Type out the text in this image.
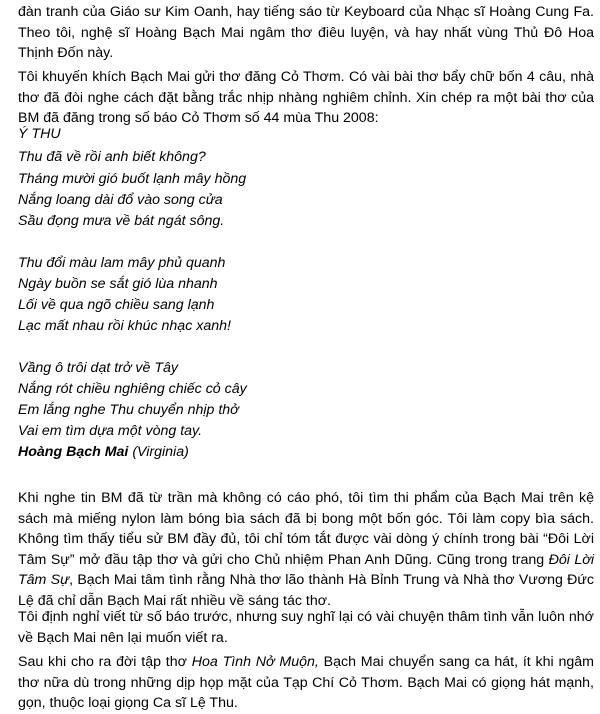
đàn tranh của Giáo sư Kim Oanh, hay tiếng sáo từ Keyboard của Nhạc sĩ Hoàng Cung Fa. Theo tôi, nghệ sĩ Hoàng Bạch Mai ngâm thơ điêu luyện, và hay nhất vùng Thủ Đô Hoa Thịnh Đốn này.

Tôi khuyến khích Bạch Mai gửi thơ đăng Cỏ Thơm. Có vài bài thơ bẩy chữ bốn 4 câu, nhà thơ đã đòi nghe cách đặt bằng trắc nhịp nhàng nghiêm chỉnh. Xin chép ra một bài thơ của BM đã đăng trong số báo Cỏ Thơm số 44 mùa Thu 2008:

Ý THU

Thu đã về rồi anh biết không?

Tháng mười gió buốt lạnh mây hồng

Nắng loang dài đổ vào song cửa

Sầu đọng mưa về bát ngát sông.

Thu đổi màu lam mây phủ quanh

Ngày buồn se sắt gió lùa nhanh

Lối về qua ngõ chiều sang lạnh

Lạc mất nhau rồi khúc nhạc xanh!

Vầng ô trôi dạt trở về Tây

Nắng rót chiều nghiêng chiếc cỏ cây

Em lắng nghe Thu chuyển nhịp thở

Vai em tìm dựa một vòng tay.

Hoàng Bạch Mai (Virginia)

Khi nghe tin BM đã từ trần mà không có cáo phó, tôi tìm thi phẩm của Bạch Mai trên kệ sách mà miếng nylon làm bóng bìa sách đã bị bong một bốn góc. Tôi làm copy bìa sách. Không tìm thấy tiểu sử BM đầy đủ, tôi chỉ tóm tắt được vài dòng ý chính trong bài “Đôi Lời Tâm Sự” mở đầu tập thơ và gửi cho Chủ nhiệm Phan Anh Dũng. Cũng trong trang Đôi Lời Tâm Sự, Bạch Mai tâm tình rằng Nhà thơ lão thành Hà Bỉnh Trung và Nhà thơ Vương Đức Lệ đã chỉ dẫn Bạch Mai rất nhiều về sáng tác thơ.

Tôi định nghỉ viết từ số báo trước, nhưng suy nghĩ lại có vài chuyện thâm tình vẫn luôn nhớ về Bạch Mai nên lại muốn viết ra.

Sau khi cho ra đời tập thơ Hoa Tình Nở Muộn, Bạch Mai chuyển sang ca hát, ít khi ngâm thơ nữa dù trong những dịp họp mặt của Tạp Chí Cỏ Thơm. Bạch Mai có giọng hát mạnh, gọn, thuộc loại giọng Ca sĩ Lệ Thu.
